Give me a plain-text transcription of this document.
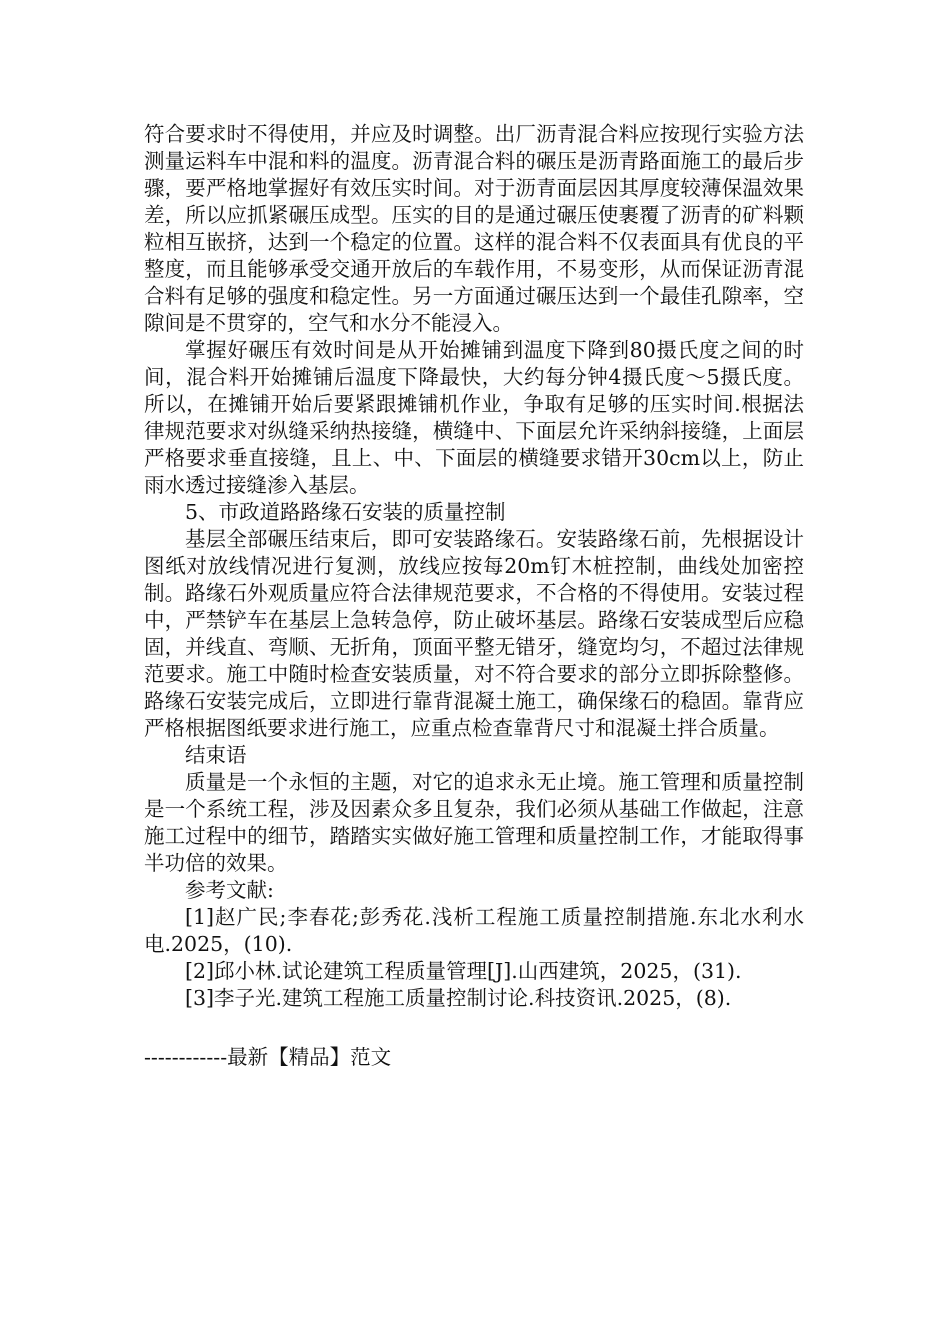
符合要求时不得使用，并应及时调整。出厂沥青混合料应按现行实验方法测量运料车中混和料的温度。沥青混合料的碾压是沥青路面施工的最后步骤，要严格地掌握好有效压实时间。对于沥青面层因其厚度较薄保温效果差，所以应抓紧碾压成型。压实的目的是通过碾压使裹覆了沥青的矿料颗粒相互嵌挤，达到一个稳定的位置。这样的混合料不仅表面具有优良的平整度，而且能够承受交通开放后的车载作用，不易变形，从而保证沥青混合料有足够的强度和稳定性。另一方面通过碾压达到一个最佳孔隙率，空隙间是不贯穿的，空气和水分不能浸入。

掌握好碾压有效时间是从开始摊铺到温度下降到80摄氏度之间的时间，混合料开始摊铺后温度下降最快，大约每分钟4摄氏度～5摄氏度。所以，在摊铺开始后要紧跟摊铺机作业，争取有足够的压实时间.根据法律规范要求对纵缝采纳热接缝，横缝中、下面层允许采纳斜接缝，上面层严格要求垂直接缝，且上、中、下面层的横缝要求错开30cm以上，防止雨水透过接缝渗入基层。

5、市政道路路缘石安装的质量控制

基层全部碾压结束后，即可安装路缘石。安装路缘石前，先根据设计图纸对放线情况进行复测，放线应按每20m钉木桩控制，曲线处加密控制。路缘石外观质量应符合法律规范要求，不合格的不得使用。安装过程中，严禁铲车在基层上急转急停，防止破坏基层。路缘石安装成型后应稳固，并线直、弯顺、无折角，顶面平整无错牙，缝宽均匀，不超过法律规范要求。施工中随时检查安装质量，对不符合要求的部分立即拆除整修。路缘石安装完成后，立即进行靠背混凝土施工，确保缘石的稳固。靠背应严格根据图纸要求进行施工，应重点检查靠背尺寸和混凝土拌合质量。

结束语

质量是一个永恒的主题，对它的追求永无止境。施工管理和质量控制是一个系统工程，涉及因素众多且复杂，我们必须从基础工作做起，注意施工过程中的细节，踏踏实实做好施工管理和质量控制工作，才能取得事半功倍的效果。

参考文献:

[1]赵广民;李春花;彭秀花.浅析工程施工质量控制措施.东北水利水电.2025，(10).

[2]邱小林.试论建筑工程质量管理[J].山西建筑，2025，(31).

[3]李子光.建筑工程施工质量控制讨论.科技资讯.2025，(8).

------------最新【精品】范文
